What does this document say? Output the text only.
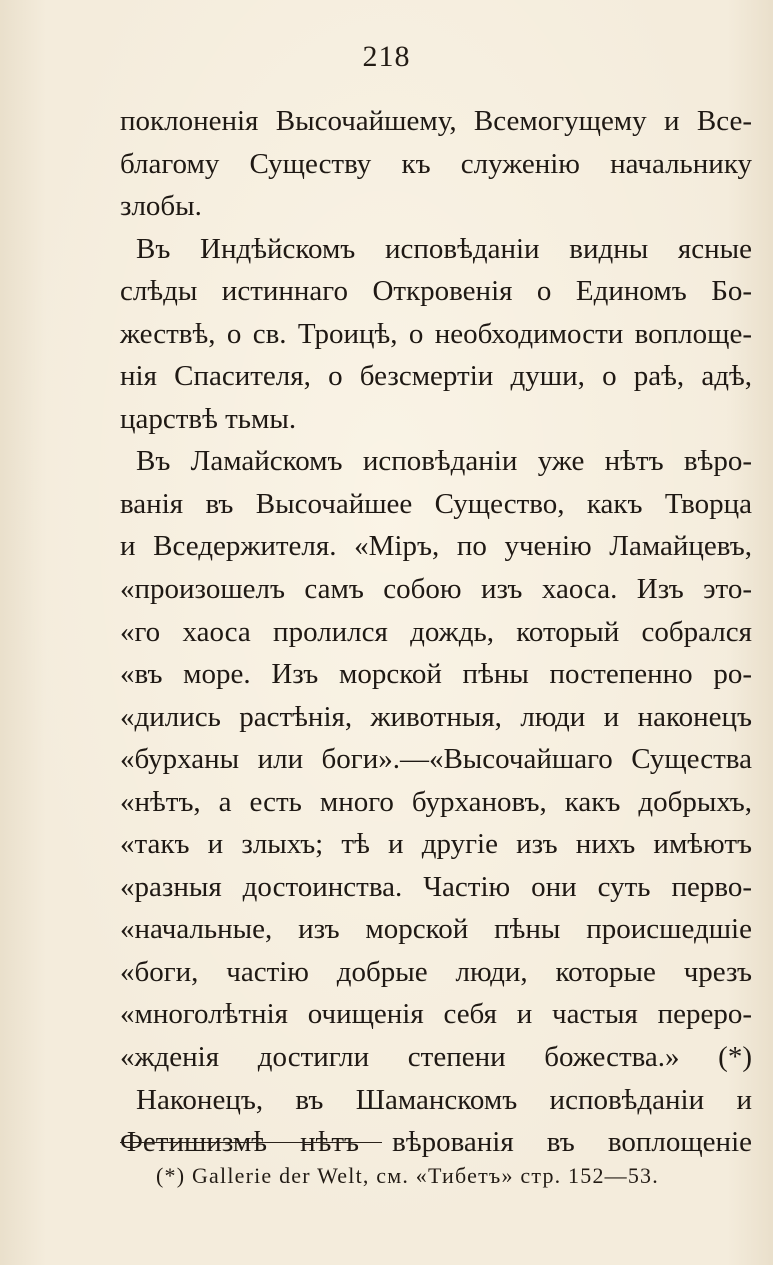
218
поклоненія Высочайшему, Всемогущему и Все-
благому Существу къ служенію начальнику
злобы.
Въ Индѣйскомъ исповѣданіи видны ясные
слѣды истиннаго Откровенія о Единомъ Бо-
жествѣ, о св. Троицѣ, о необходимости воплоще-
нія Спасителя, о безсмертіи души, о раѣ, адѣ,
царствѣ тьмы.
Въ Ламайскомъ исповѣданіи уже нѣтъ вѣро-
ванія въ Высочайшее Существо, какъ Творца
и Вседержителя. «Міръ, по ученію Ламайцевъ,
«произошелъ самъ собою изъ хаоса. Изъ это-
«го хаоса пролился дождь, который собрался
«въ море. Изъ морской пѣны постепенно ро-
«дились растѣнія, животныя, люди и наконецъ
«бурханы или боги».—«Высочайшаго Существа
«нѣтъ, а есть много бурхановъ, какъ добрыхъ,
«такъ и злыхъ; тѣ и другіе изъ нихъ имѣютъ
«разныя достоинства. Частію они суть перво-
«начальные, изъ морской пѣны происшедшіе
«боги, частію добрые люди, которые чрезъ
«многолѣтнія очищенія себя и частыя переро-
«жденія достигли степени божества.» (*)
Наконецъ, въ Шаманскомъ исповѣданіи и
Фетишизмѣ нѣтъ вѣрованія въ воплощеніе
(*) Gallerie der Welt, см. «Тибетъ» стр. 152—53.
